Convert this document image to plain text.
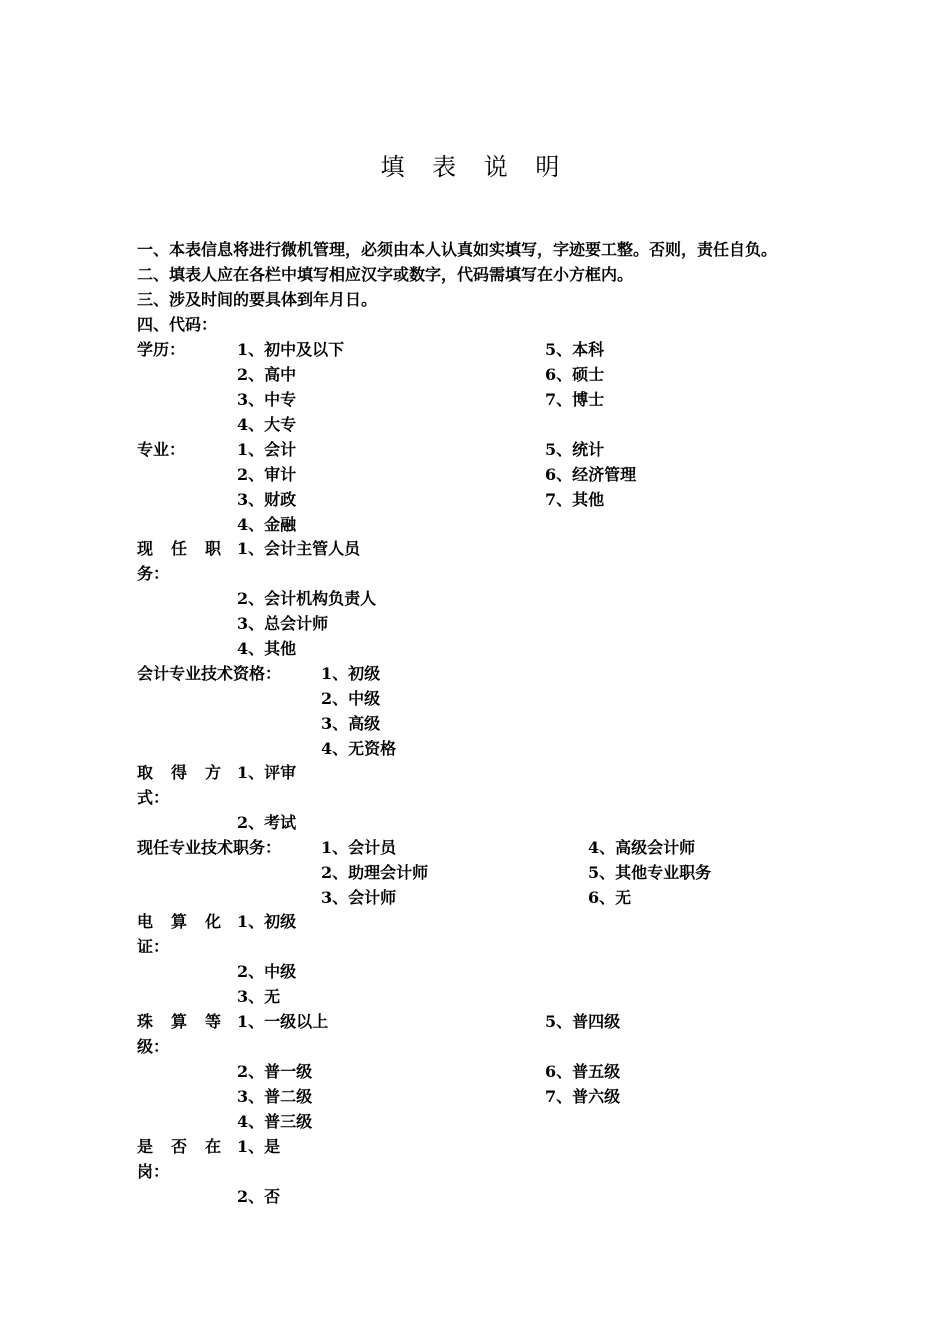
填 表 说 明
一、本表信息将进行微机管理，必须由本人认真如实填写，字迹要工整。否则，责任自负。
二、填表人应在各栏中填写相应汉字或数字，代码需填写在小方框内。
三、涉及时间的要具体到年月日。
四、代码：
学历：	1、初中及以下
2、高中
3、中专
4、大专
5、本科
6、硕士
7、博士
专业：	1、会计
2、审计
3、财政
4、金融
5、统计
6、经济管理
7、其他
现 任 职
务：
1、会计主管人员
2、会计机构负责人
3、总会计师
4、其他
会计专业技术资格： 1、初级
2、中级
3、高级
4、无资格
取 得 方
式：
1、评审
2、考试
现任专业技术职务： 1、会计员
2、助理会计师
3、会计师
4、高级会计师
5、其他专业职务
6、无
电 算 化
证：
1、初级
2、中级
3、无
珠 算 等
级：
1、一级以上
2、普一级
3、普二级
4、普三级
5、普四级
6、普五级
7、普六级
是 否 在
岗：
1、是
2、否
